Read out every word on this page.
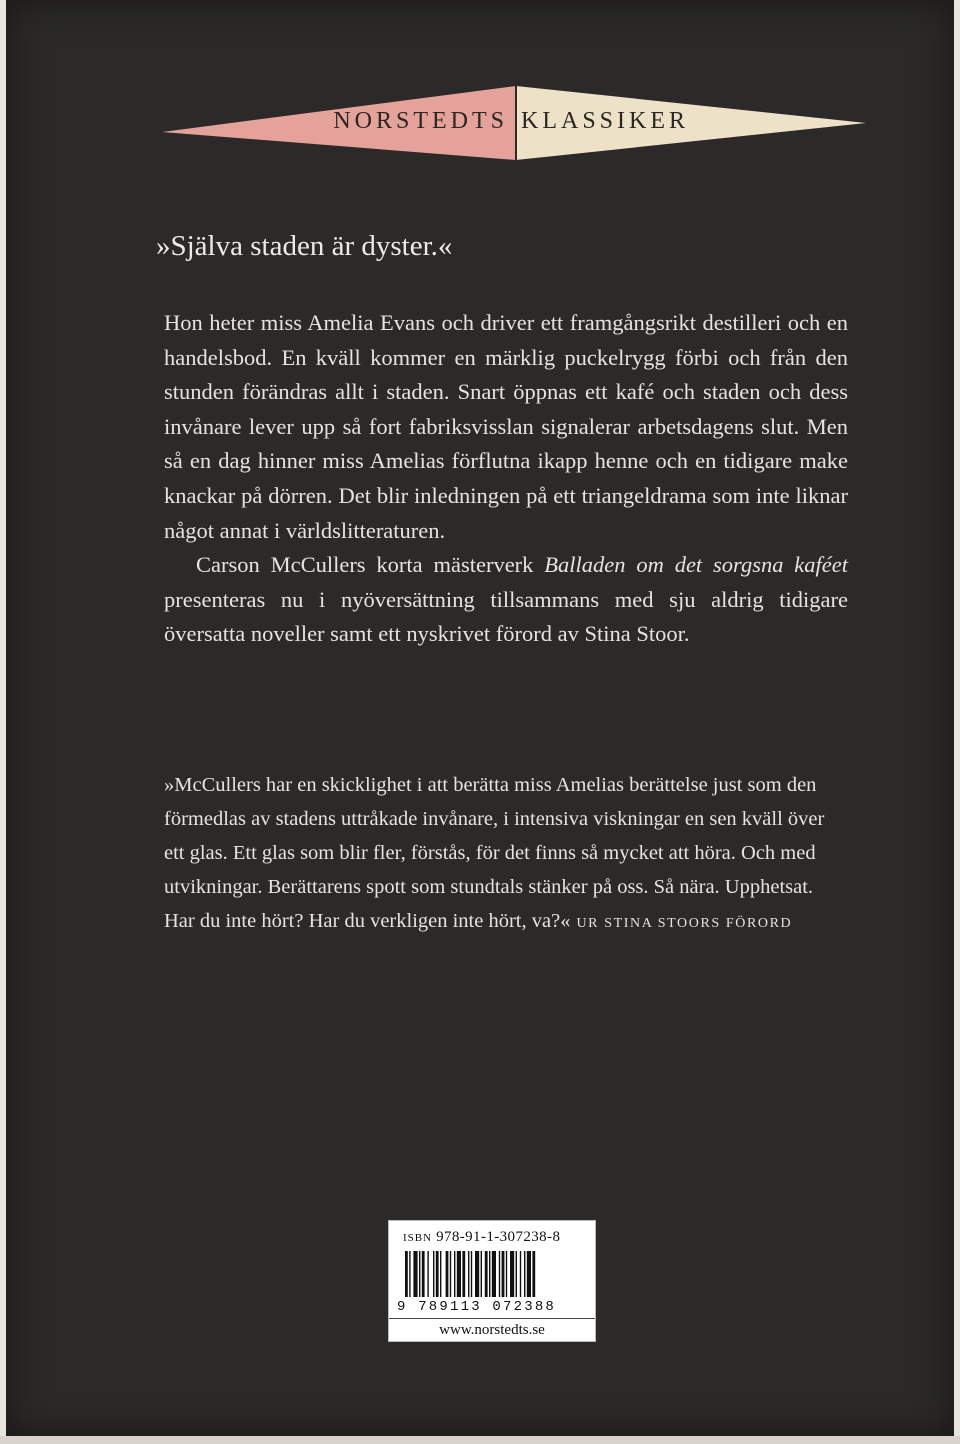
NORSTEDTS KLASSIKER
»Själva staden är dyster.«

Hon heter miss Amelia Evans och driver ett framgångsrikt destilleri och en handelsbod. En kväll kommer en märklig puckelrygg förbi och från den stunden förändras allt i staden. Snart öppnas ett kafé och staden och dess invånare lever upp så fort fabriksvisslan signalerar arbetsdagens slut. Men så en dag hinner miss Amelias förflutna ikapp henne och en tidigare make knackar på dörren. Det blir inledningen på ett triangeldrama som inte liknar något annat i världslitteraturen.

Carson McCullers korta mästerverk Balladen om det sorgsna kaféet presenteras nu i nyöversättning tillsammans med sju aldrig tidigare översatta noveller samt ett nyskrivet förord av Stina Stoor.

»McCullers har en skicklighet i att berätta miss Amelias berättelse just som den förmedlas av stadens uttråkade invånare, i intensiva viskningar en sen kväll över ett glas. Ett glas som blir fler, förstås, för det finns så mycket att höra. Och med utvikningar. Berättarens spott som stundtals stänker på oss. Så nära. Upphetsat. Har du inte hört? Har du verkligen inte hört, va?« UR STINA STOORS FÖRORD
ISBN 978-91-1-307238-8
9 789113 072388
www.norstedts.se
